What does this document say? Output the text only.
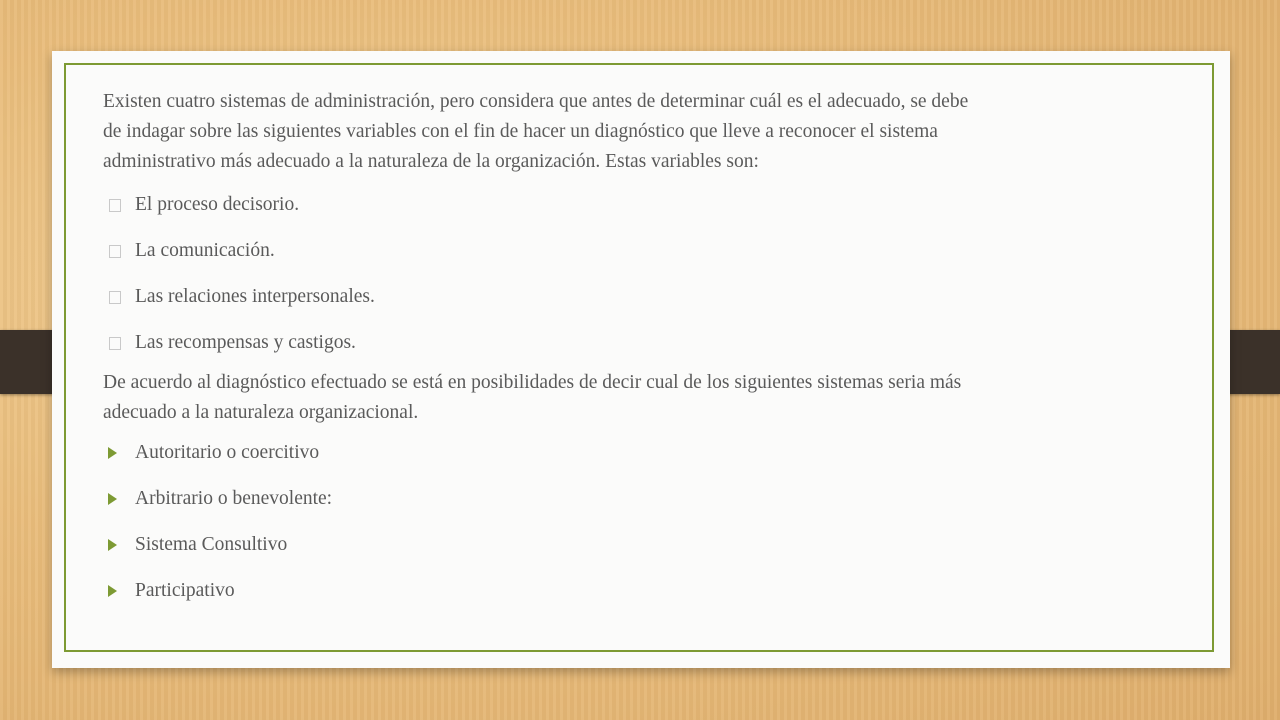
Existen cuatro sistemas de administración, pero considera que antes de determinar cuál es el adecuado, se debe de indagar sobre las siguientes variables con el fin de hacer un diagnóstico que lleve a reconocer el sistema administrativo más adecuado a la naturaleza de la organización. Estas variables son:

El proceso decisorio.
La comunicación.
Las relaciones interpersonales.
Las recompensas y castigos.

De acuerdo al diagnóstico efectuado se está en posibilidades de decir cual de los siguientes sistemas seria más adecuado a la naturaleza organizacional.

Autoritario o coercitivo
Arbitrario o benevolente:
Sistema Consultivo
Participativo
